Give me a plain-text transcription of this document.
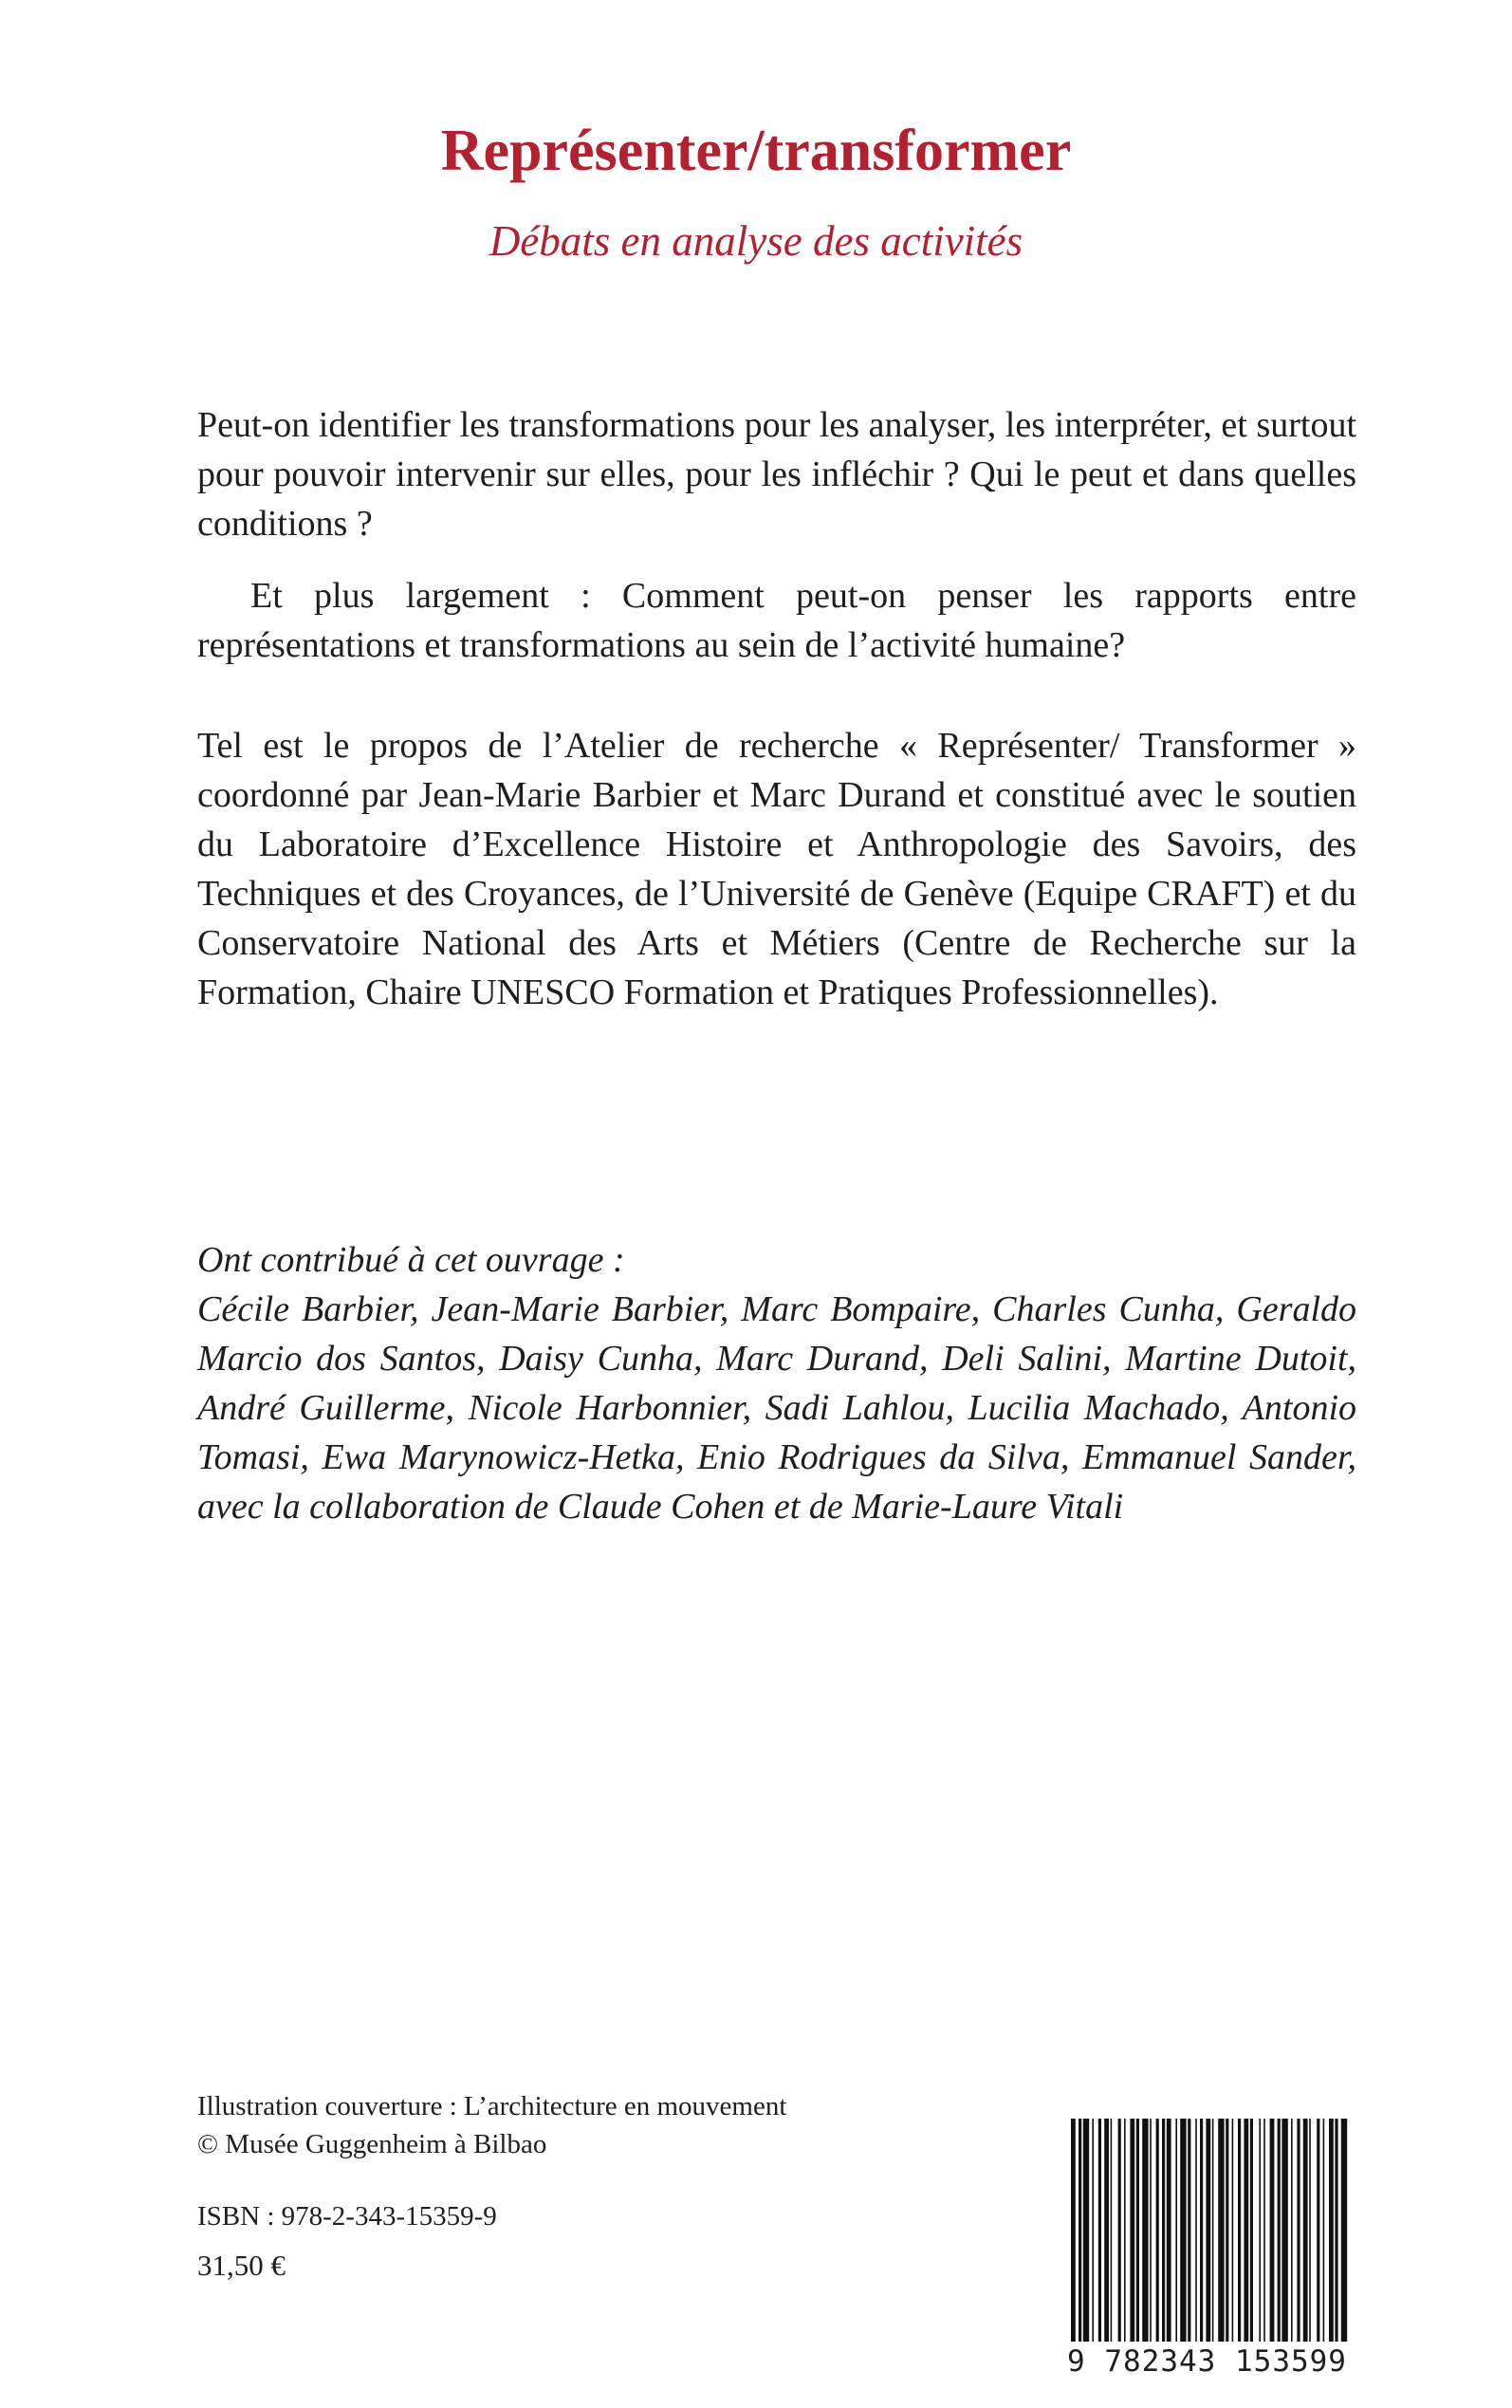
Représenter/transformer
Débats en analyse des activités

Peut-on identifier les transformations pour les analyser, les interpréter, et surtout pour pouvoir intervenir sur elles, pour les infléchir ? Qui le peut et dans quelles conditions ?

Et plus largement : Comment peut-on penser les rapports entre représentations et transformations au sein de l’activité humaine?

Tel est le propos de l’Atelier de recherche « Représenter/ Transformer » coordonné par Jean-Marie Barbier et Marc Durand et constitué avec le soutien du Laboratoire d’Excellence Histoire et Anthropologie des Savoirs, des Techniques et des Croyances, de l’Université de Genève (Equipe CRAFT) et du Conservatoire National des Arts et Métiers (Centre de Recherche sur la Formation, Chaire UNESCO Formation et Pratiques Professionnelles).

Ont contribué à cet ouvrage :

Cécile Barbier, Jean-Marie Barbier, Marc Bompaire, Charles Cunha, Geraldo Marcio dos Santos, Daisy Cunha, Marc Durand, Deli Salini, Martine Dutoit, André Guillerme, Nicole Harbonnier, Sadi Lahlou, Lucilia Machado, Antonio Tomasi, Ewa Marynowicz-Hetka, Enio Rodrigues da Silva, Emmanuel Sander, avec la collaboration de Claude Cohen et de Marie-Laure Vitali

Illustration couverture : L’architecture en mouvement
© Musée Guggenheim à Bilbao
ISBN : 978-2-343-15359-9
31,50 €
9 782343 153599
